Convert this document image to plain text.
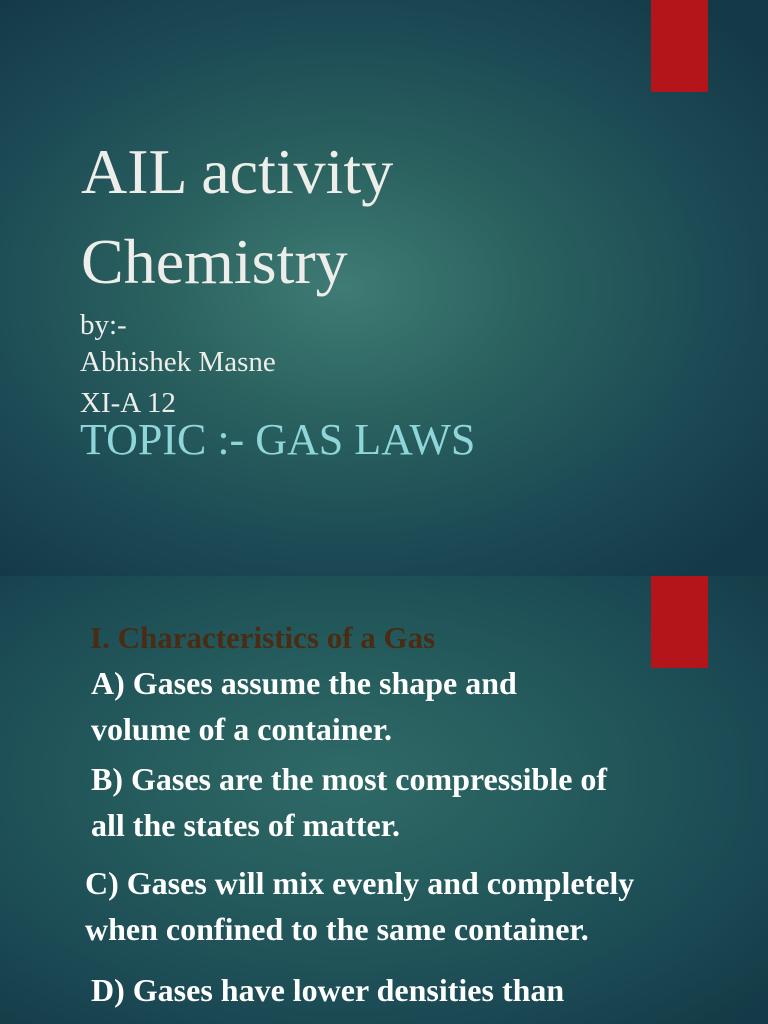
AIL activity
Chemistry
by:-
Abhishek Masne
XI-A 12
TOPIC :- GAS LAWS
I. Characteristics of a Gas
A) Gases assume the shape and
volume of a container.
B) Gases are the most compressible of
all the states of matter.
C) Gases will mix evenly and completely
when confined to the same container.
D) Gases have lower densities than
